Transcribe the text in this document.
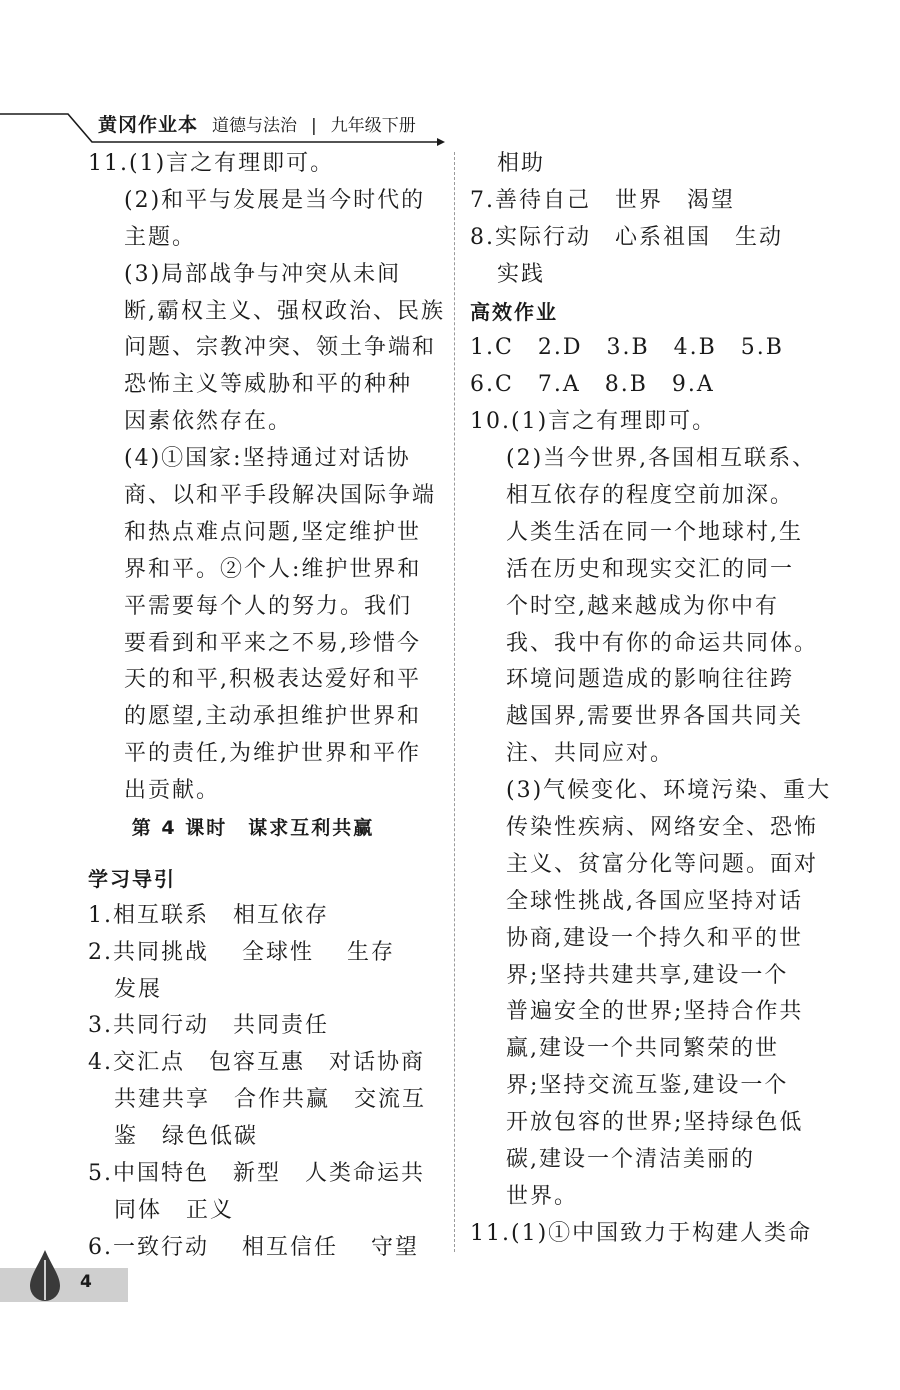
黄冈作业本 道德与法治 | 九年级下册
11.(1)言之有理即可。
(2)和平与发展是当今时代的
主题。
(3)局部战争与冲突从未间
断,霸权主义、强权政治、民族
问题、宗教冲突、领土争端和
恐怖主义等威胁和平的种种
因素依然存在。
(4)①国家:坚持通过对话协
商、以和平手段解决国际争端
和热点难点问题,坚定维护世
界和平。②个人:维护世界和
平需要每个人的努力。我们
要看到和平来之不易,珍惜今
天的和平,积极表达爱好和平
的愿望,主动承担维护世界和
平的责任,为维护世界和平作
出贡献。
第 4 课时　谋求互利共赢
学习导引
1.相互联系　相互依存
2.共同挑战　 全球性　 生存
发展
3.共同行动　共同责任
4.交汇点　包容互惠　对话协商
共建共享　合作共赢　交流互
鉴　绿色低碳
5.中国特色　新型　人类命运共
同体　正义
6.一致行动　 相互信任　 守望
相助
7.善待自己　世界　渴望
8.实际行动　心系祖国　生动
实践
高效作业
1.C　2.D　3.B　4.B　5.B
6.C　7.A　8.B　9.A
10.(1)言之有理即可。
(2)当今世界,各国相互联系、
相互依存的程度空前加深。
人类生活在同一个地球村,生
活在历史和现实交汇的同一
个时空,越来越成为你中有
我、我中有你的命运共同体。
环境问题造成的影响往往跨
越国界,需要世界各国共同关
注、共同应对。
(3)气候变化、环境污染、重大
传染性疾病、网络安全、恐怖
主义、贫富分化等问题。面对
全球性挑战,各国应坚持对话
协商,建设一个持久和平的世
界;坚持共建共享,建设一个
普遍安全的世界;坚持合作共
赢,建设一个共同繁荣的世
界;坚持交流互鉴,建设一个
开放包容的世界;坚持绿色低
碳,建设一个清洁美丽的
世界。
11.(1)①中国致力于构建人类命
4
